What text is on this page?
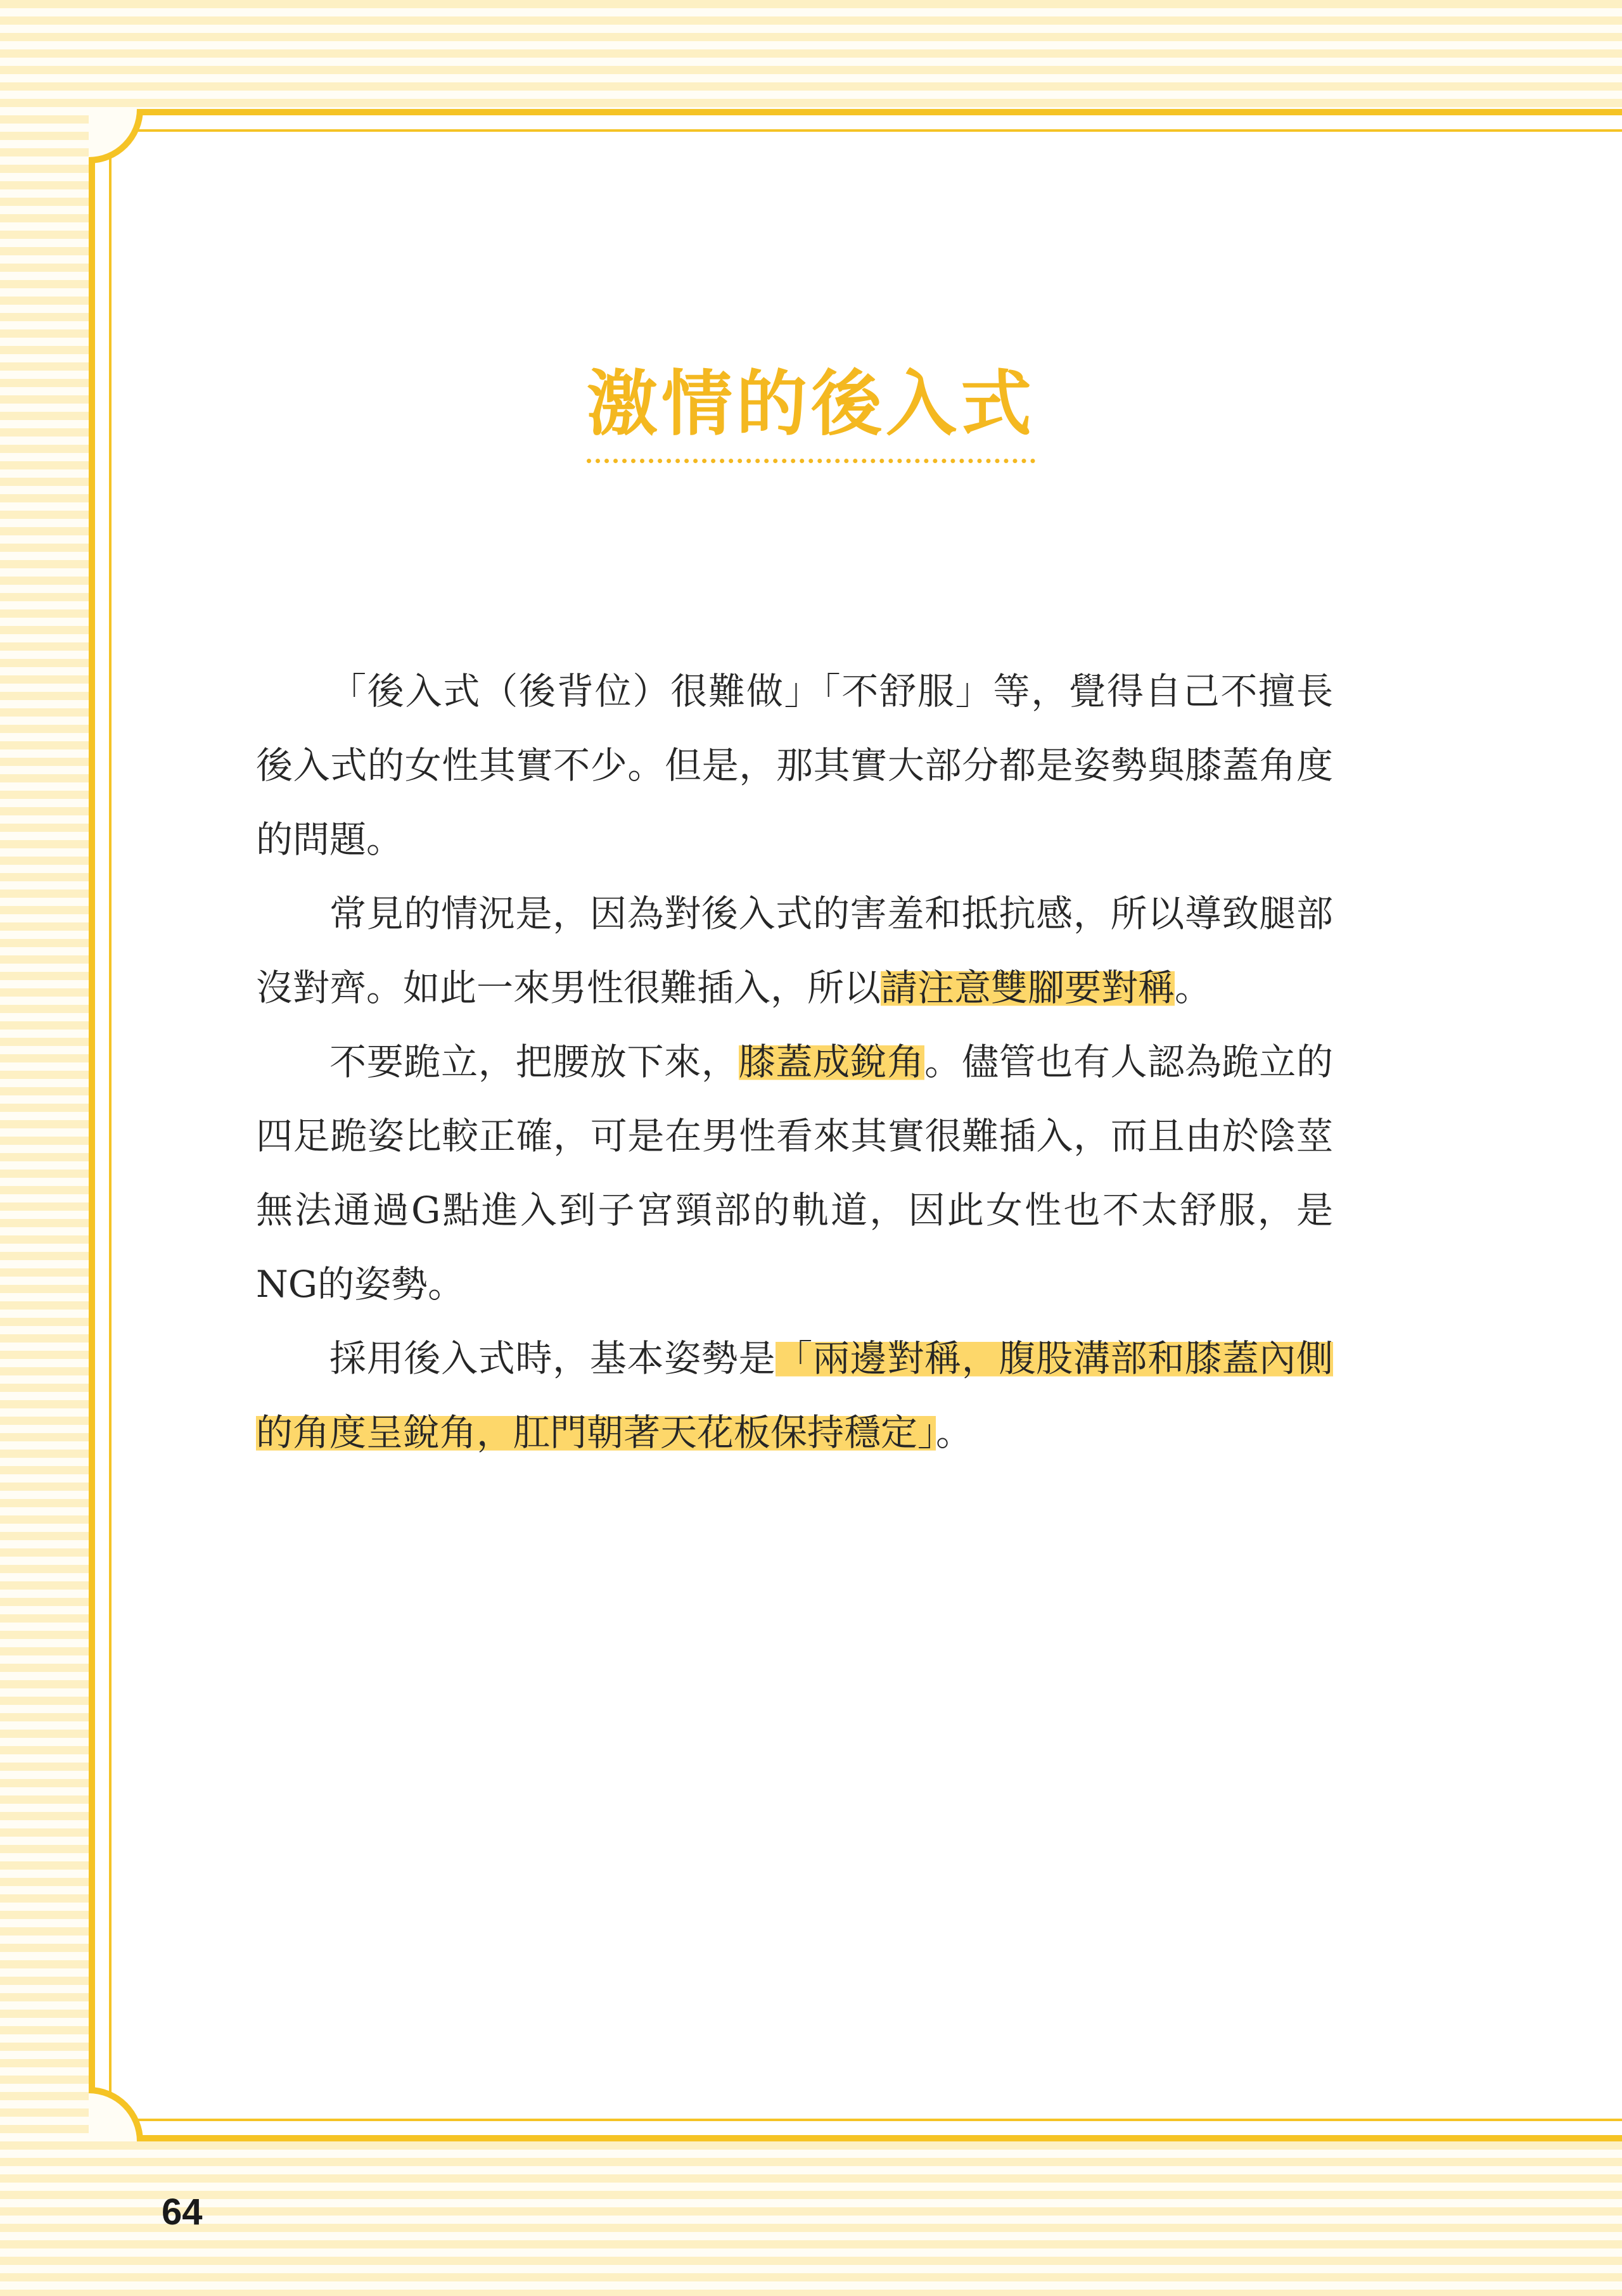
激情的後入式

「後入式（後背位）很難做」「不舒服」等，覺得自己不擅長後入式的女性其實不少。但是，那其實大部分都是姿勢與膝蓋角度的問題。

常見的情況是，因為對後入式的害羞和抵抗感，所以導致腿部沒對齊。如此一來男性很難插入，所以請注意雙腳要對稱。

不要跪立，把腰放下來，膝蓋成銳角。儘管也有人認為跪立的四足跪姿比較正確，可是在男性看來其實很難插入，而且由於陰莖無法通過G點進入到子宮頸部的軌道，因此女性也不太舒服，是NG的姿勢。

採用後入式時，基本姿勢是「兩邊對稱，腹股溝部和膝蓋內側的角度呈銳角，肛門朝著天花板保持穩定」。

64
